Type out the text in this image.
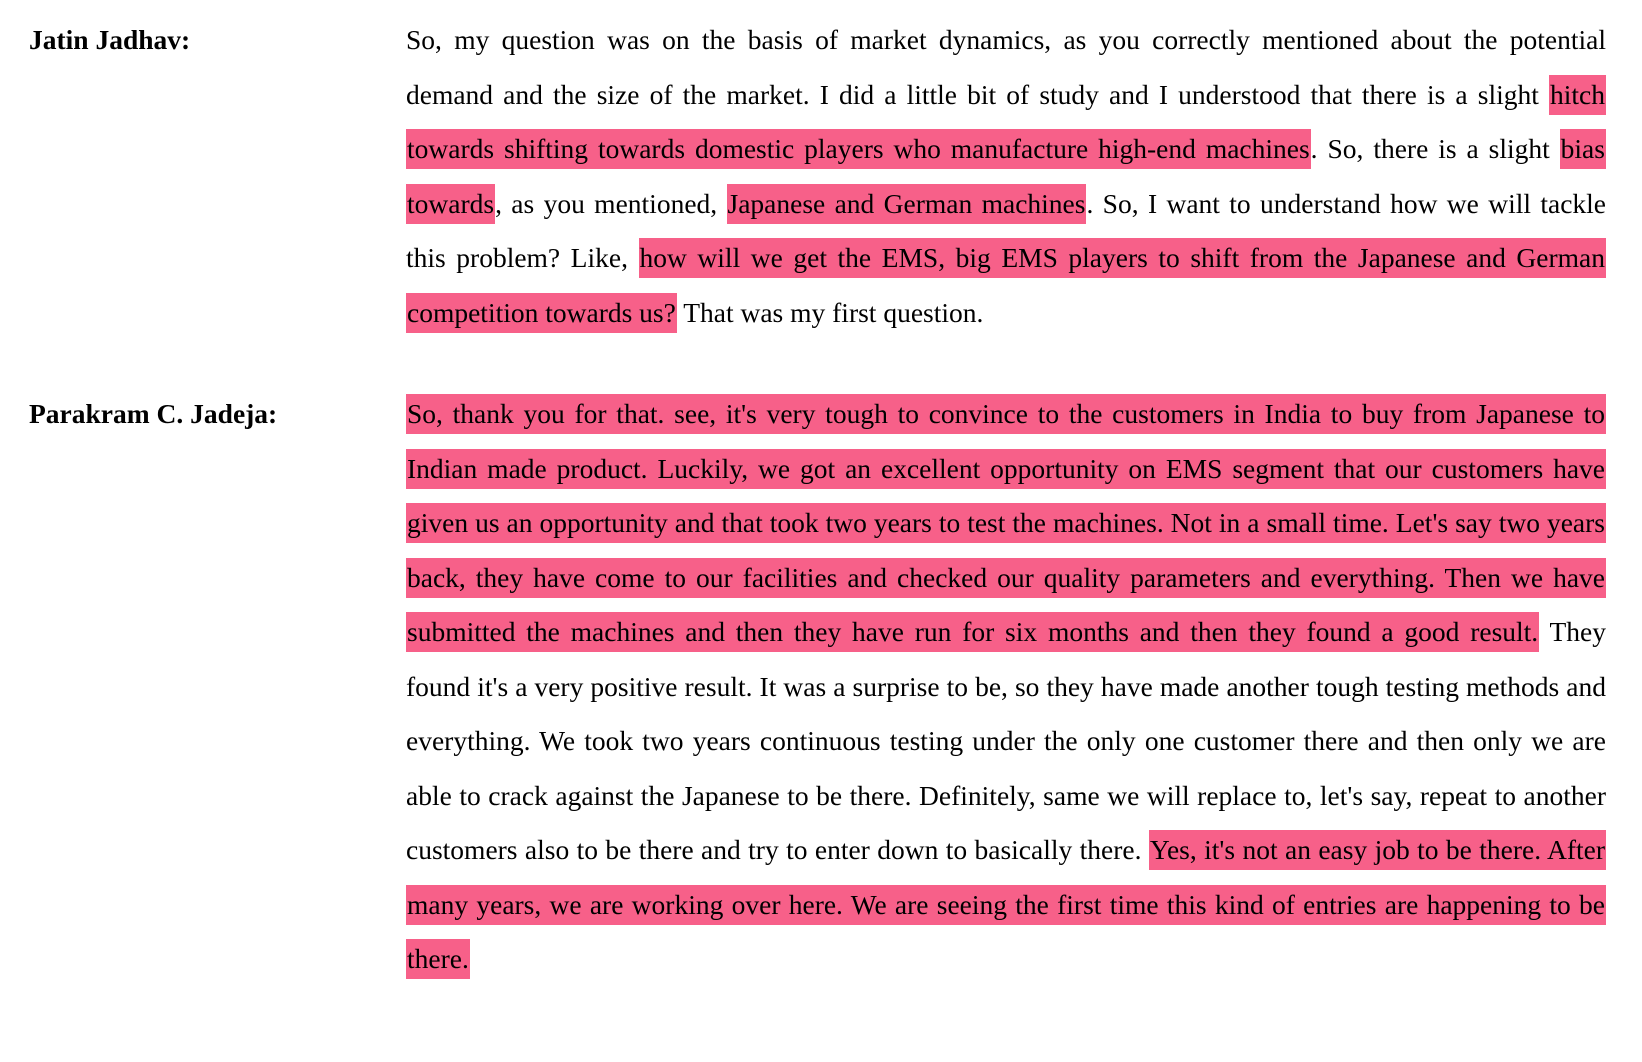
Jatin Jadhav:	So, my question was on the basis of market dynamics, as you correctly mentioned about the potential demand and the size of the market. I did a little bit of study and I understood that there is a slight hitch towards shifting towards domestic players who manufacture high-end machines. So, there is a slight bias towards, as you mentioned, Japanese and German machines. So, I want to understand how we will tackle this problem? Like, how will we get the EMS, big EMS players to shift from the Japanese and German competition towards us? That was my first question.
Parakram C. Jadeja:	So, thank you for that. see, it's very tough to convince to the customers in India to buy from Japanese to Indian made product. Luckily, we got an excellent opportunity on EMS segment that our customers have given us an opportunity and that took two years to test the machines. Not in a small time. Let's say two years back, they have come to our facilities and checked our quality parameters and everything. Then we have submitted the machines and then they have run for six months and then they found a good result. They found it's a very positive result. It was a surprise to be, so they have made another tough testing methods and everything. We took two years continuous testing under the only one customer there and then only we are able to crack against the Japanese to be there. Definitely, same we will replace to, let's say, repeat to another customers also to be there and try to enter down to basically there. Yes, it's not an easy job to be there. After many years, we are working over here. We are seeing the first time this kind of entries are happening to be there.
